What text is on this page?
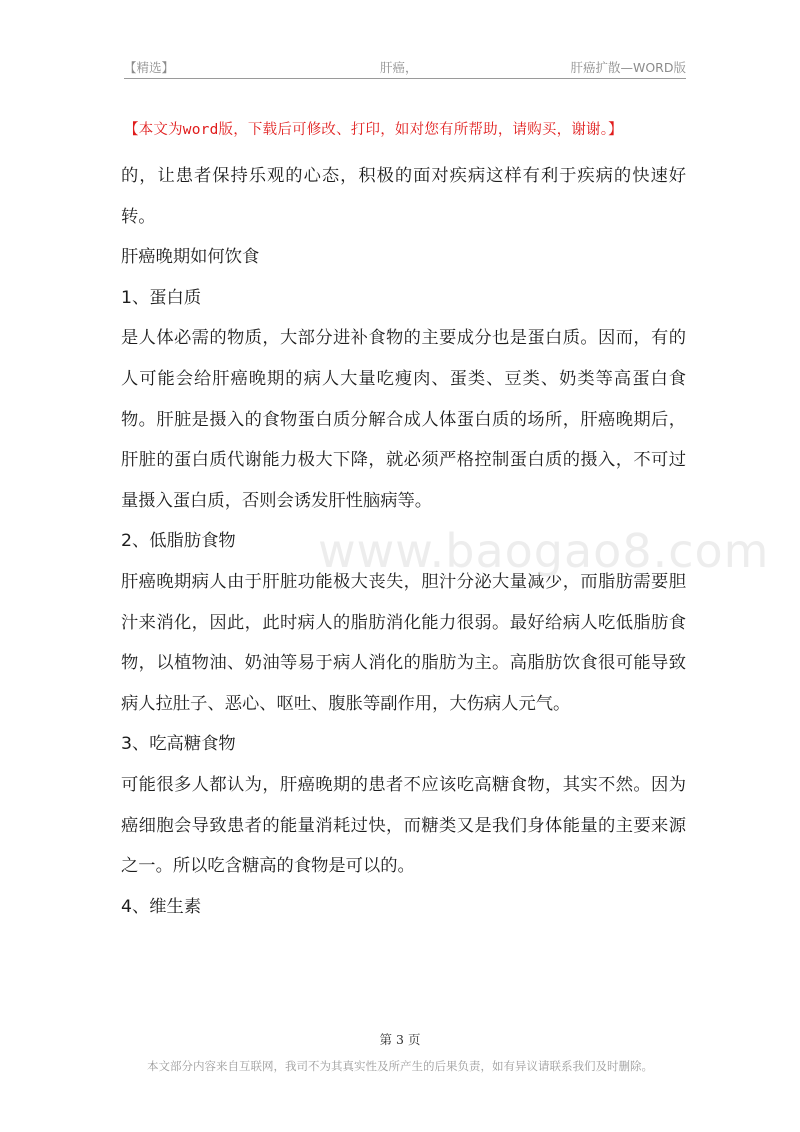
【精选】	肝癌，	肝癌扩散—WORD版
【本文为word版，下载后可修改、打印，如对您有所帮助，请购买，谢谢。】

的，让患者保持乐观的心态，积极的面对疾病这样有利于疾病的快速好转。

肝癌晚期如何饮食

1、蛋白质

是人体必需的物质，大部分进补食物的主要成分也是蛋白质。因而，有的人可能会给肝癌晚期的病人大量吃瘦肉、蛋类、豆类、奶类等高蛋白食物。肝脏是摄入的食物蛋白质分解合成人体蛋白质的场所，肝癌晚期后，肝脏的蛋白质代谢能力极大下降，就必须严格控制蛋白质的摄入，不可过量摄入蛋白质，否则会诱发肝性脑病等。

2、低脂肪食物

肝癌晚期病人由于肝脏功能极大丧失，胆汁分泌大量减少，而脂肪需要胆汁来消化，因此，此时病人的脂肪消化能力很弱。最好给病人吃低脂肪食物，以植物油、奶油等易于病人消化的脂肪为主。高脂肪饮食很可能导致病人拉肚子、恶心、呕吐、腹胀等副作用，大伤病人元气。

3、吃高糖食物

可能很多人都认为，肝癌晚期的患者不应该吃高糖食物，其实不然。因为癌细胞会导致患者的能量消耗过快，而糖类又是我们身体能量的主要来源之一。所以吃含糖高的食物是可以的。

4、维生素

www.baogao8.com
第 3 页
本文部分内容来自互联网，我司不为其真实性及所产生的后果负责，如有异议请联系我们及时删除。
